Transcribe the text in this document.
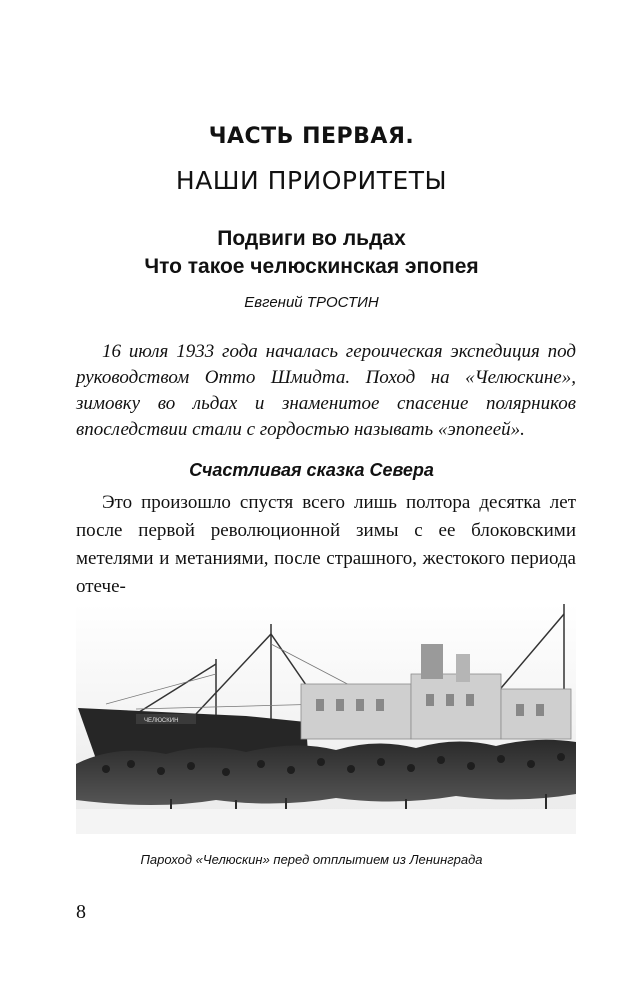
ЧАСТЬ ПЕРВАЯ.
НАШИ ПРИОРИТЕТЫ
Подвиги во льдах
Что такое челюскинская эпопея
Евгений ТРОСТИН

16 июля 1933 года началась героическая экспедиция под руководством Отто Шмидта. Поход на «Челюскине», зимовку во льдах и знаменитое спасение полярников впоследствии стали с гордостью называть «эпопеей».

Счастливая сказка Севера

Это произошло спустя всего лишь полтора десятка лет после первой революционной зимы с ее блоковскими метелями и метаниями, после страшного, жестокого периода отече-

ЧЕЛЮСКИН
Пароход «Челюскин» перед отплытием из Ленинграда
8
